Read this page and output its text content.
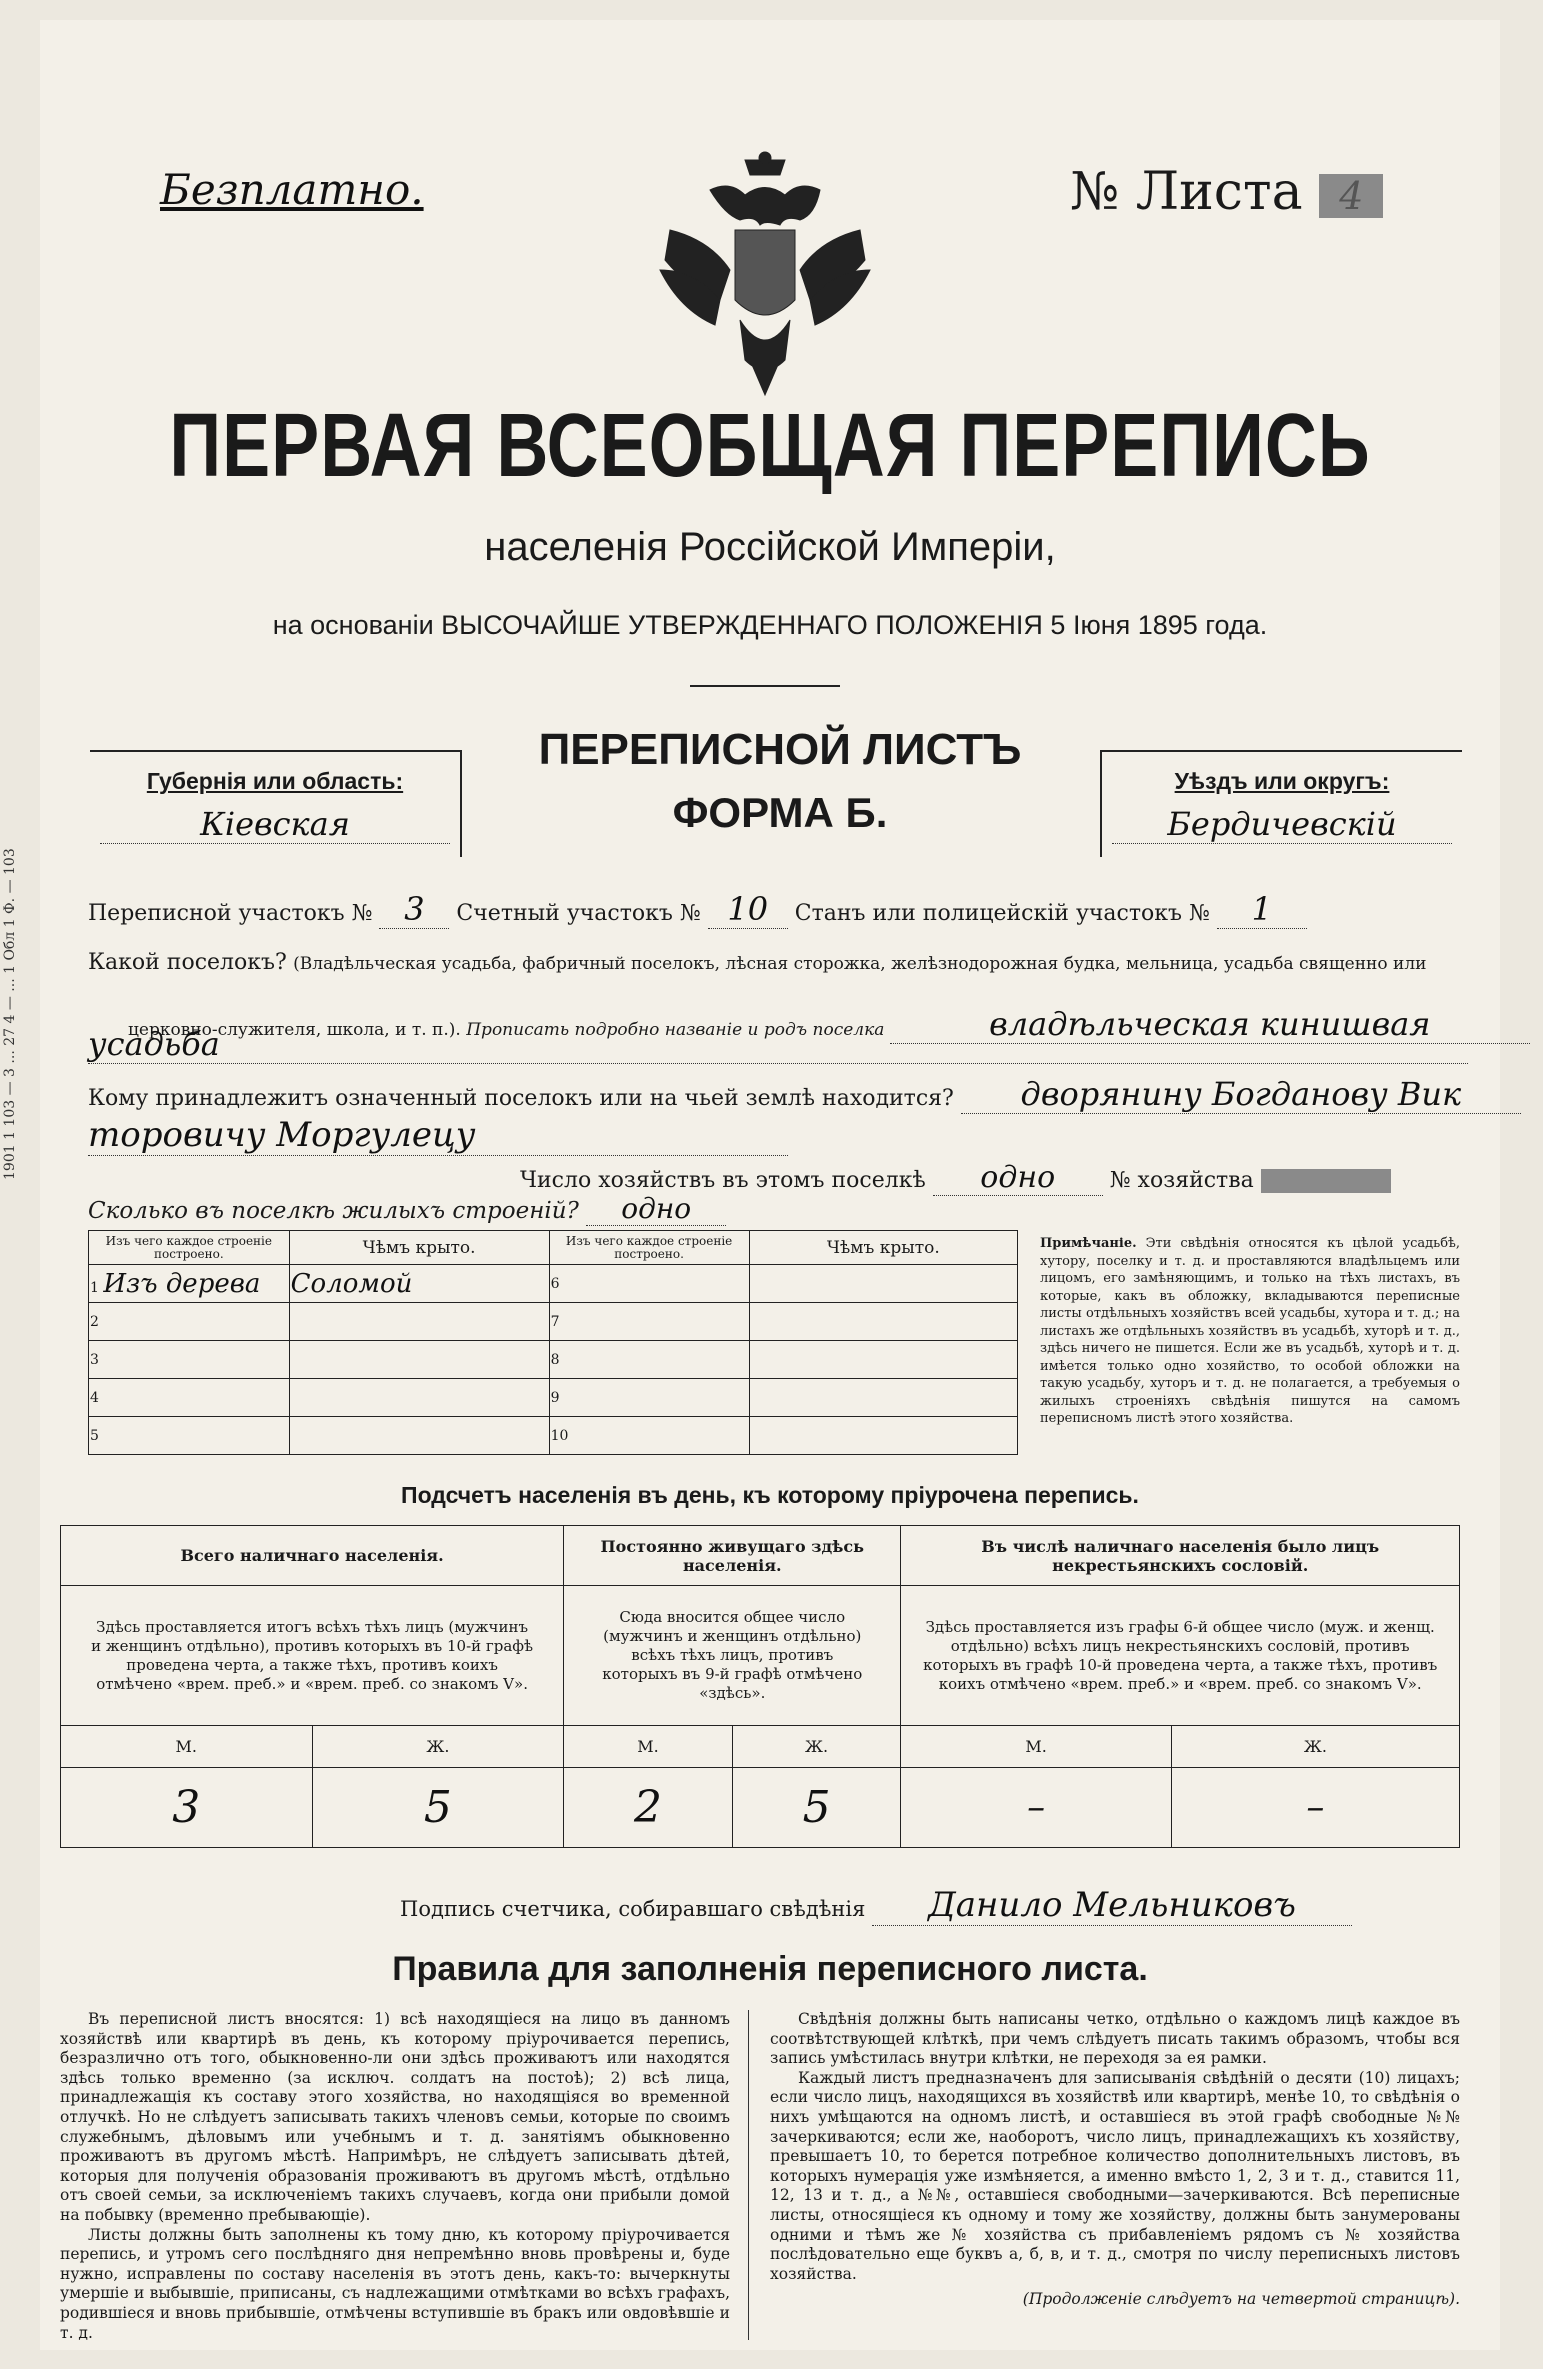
1901 1 103 — 3 ... 27 4 — ... 1 Обл 1 Ф. — 103
Безплатно.	№ Листа 4
ПЕРВАЯ ВСЕОБЩАЯ ПЕРЕПИСЬ
населенія Россійской Имперіи,
на основаніи ВЫСОЧАЙШЕ УТВЕРЖДЕННАГО ПОЛОЖЕНІЯ 5 Іюня 1895 года.
Губернія или область:
Кіевская
ПЕРЕПИСНОЙ ЛИСТЪ
ФОРМА Б.
Уѣздъ или округъ:
Бердичевскій
Переписной участокъ № 3 Счетный участокъ № 10 Станъ или полицейскій участокъ № 1
Какой поселокъ? (Владѣльческая усадьба, фабричный поселокъ, лѣсная сторожка, желѣзнодорожная будка, мельница, усадьба священно или
церковно-служителя, школа, и т. п.). Прописать подробно названіе и родъ поселка	владѣльческая кинишвая
усадьба
Кому принадлежитъ означенный поселокъ или на чьей землѣ находится? дворянину Богданову Вик
торовичу Моргулецу
Число хозяйствъ въ этомъ поселкѣ одно № хозяйства
Сколько въ поселкѣ жилыхъ строеній? одно
Изъ чего каждое строеніе построено.	Чѣмъ крыто.	Изъ чего каждое строеніе построено.	Чѣмъ крыто.
1 Изъ дерева	Соломой	6	
2		7	
3		8	
4		9	
5		10	
Примѣчаніе. Эти свѣдѣнія относятся къ цѣлой усадьбѣ, хутору, поселку и т. д. и проставляются владѣльцемъ или лицомъ, его замѣняющимъ, и только на тѣхъ листахъ, въ которые, какъ въ обложку, вкладываются переписные листы отдѣльныхъ хозяйствъ всей усадьбы, хутора и т. д.; на листахъ же отдѣльныхъ хозяйствъ въ усадьбѣ, хуторѣ и т. д., здѣсь ничего не пишется. Если же въ усадьбѣ, хуторѣ и т. д. имѣется только одно хозяйство, то особой обложки на такую усадьбу, хуторъ и т. д. не полагается, а требуемыя о жилыхъ строеніяхъ свѣдѣнія пишутся на самомъ переписномъ листѣ этого хозяйства.
Подсчетъ населенія въ день, къ которому пріурочена перепись.
Всего наличнаго населенія.		Постоянно живущаго здѣсь населенія.		Въ числѣ наличнаго населенія было лицъ некрестьянскихъ сословій.	
Здѣсь проставляется итогъ всѣхъ тѣхъ лицъ (мужчинъ и женщинъ отдѣльно), противъ которыхъ въ 10-й графѣ проведена черта, а также тѣхъ, противъ коихъ отмѣчено «врем. преб.» и «врем. преб. со знакомъ V».		Сюда вносится общее число (мужчинъ и женщинъ отдѣльно) всѣхъ тѣхъ лицъ, противъ которыхъ въ 9-й графѣ отмѣчено «здѣсь».		Здѣсь проставляется изъ графы 6-й общее число (муж. и женщ. отдѣльно) всѣхъ лицъ некрестьянскихъ сословій, противъ которыхъ въ графѣ 10-й проведена черта, а также тѣхъ, противъ коихъ отмѣчено «врем. преб.» и «врем. преб. со знакомъ V».	
М.	Ж.	М.	Ж.	М.	Ж.
3	5	2	5	–	–
Подпись счетчика, собиравшаго свѣдѣнія Данило Мельниковъ
Правила для заполненія переписного листа.

Въ переписной листъ вносятся: 1) всѣ находящіеся на лицо въ данномъ хозяйствѣ или квартирѣ въ день, къ которому пріурочивается перепись, безразлично отъ того, обыкновенно-ли они здѣсь проживаютъ или находятся здѣсь только временно (за исключ. солдатъ на постоѣ); 2) всѣ лица, принадлежащія къ составу этого хозяйства, но находящіяся во временной отлучкѣ. Но не слѣдуетъ записывать такихъ членовъ семьи, которые по своимъ служебнымъ, дѣловымъ или учебнымъ и т. д. занятіямъ обыкновенно проживаютъ въ другомъ мѣстѣ. Напримѣръ, не слѣдуетъ записывать дѣтей, которыя для полученія образованія проживаютъ въ другомъ мѣстѣ, отдѣльно отъ своей семьи, за исключеніемъ такихъ случаевъ, когда они прибыли домой на побывку (временно пребывающіе).

Листы должны быть заполнены къ тому дню, къ которому пріурочивается перепись, и утромъ сего послѣдняго дня непремѣнно вновь провѣрены и, буде нужно, исправлены по составу населенія въ этотъ день, какъ-то: вычеркнуты умершіе и выбывшіе, приписаны, съ надлежащими отмѣтками во всѣхъ графахъ, родившіеся и вновь прибывшіе, отмѣчены вступившіе въ бракъ или овдовѣвшіе и т. д.

Свѣдѣнія должны быть написаны четко, отдѣльно о каждомъ лицѣ каждое въ соотвѣтствующей клѣткѣ, при чемъ слѣдуетъ писать такимъ образомъ, чтобы вся запись умѣстилась внутри клѣтки, не переходя за ея рамки.

Каждый листъ предназначенъ для записыванія свѣдѣній о десяти (10) лицахъ; если число лицъ, находящихся въ хозяйствѣ или квартирѣ, менѣе 10, то свѣдѣнія о нихъ умѣщаются на одномъ листѣ, и оставшіеся въ этой графѣ свободные №№ зачеркиваются; если же, наоборотъ, число лицъ, принадлежащихъ къ хозяйству, превышаетъ 10, то берется потребное количество дополнительныхъ листовъ, въ которыхъ нумерація уже измѣняется, а именно вмѣсто 1, 2, 3 и т. д., ставится 11, 12, 13 и т. д., а №№, оставшіеся свободными—зачеркиваются. Всѣ переписные листы, относящіеся къ одному и тому же хозяйству, должны быть занумерованы одними и тѣмъ же № хозяйства съ прибавленіемъ рядомъ съ № хозяйства послѣдовательно еще буквъ а, б, в, и т. д., смотря по числу переписныхъ листовъ хозяйства.

(Продолженіе слѣдуетъ на четвертой страницѣ).
